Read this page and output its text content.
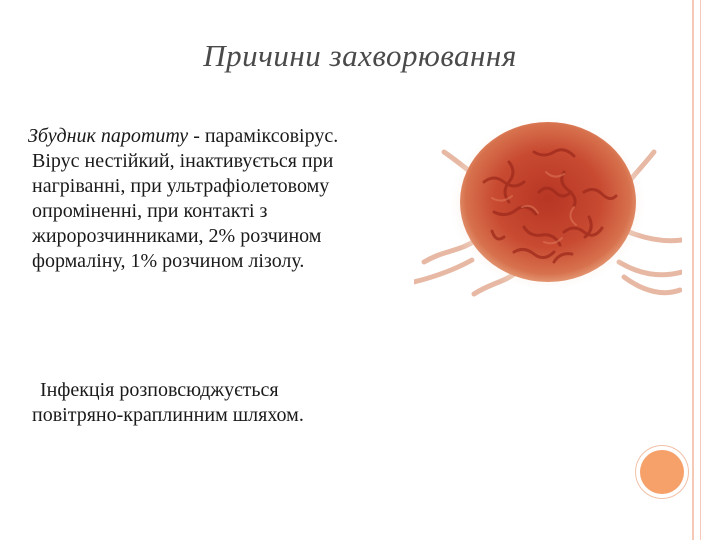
Причини захворювання
Збудник паротиту - параміксовірус.
Вірус нестійкий, інактивується при
нагріванні, при ультрафіолетовому
опроміненні, при контакті з
жиророзчинниками, 2% розчином
формаліну, 1% розчином лізолу.
Інфекція розповсюджується
повітряно-краплинним шляхом.
